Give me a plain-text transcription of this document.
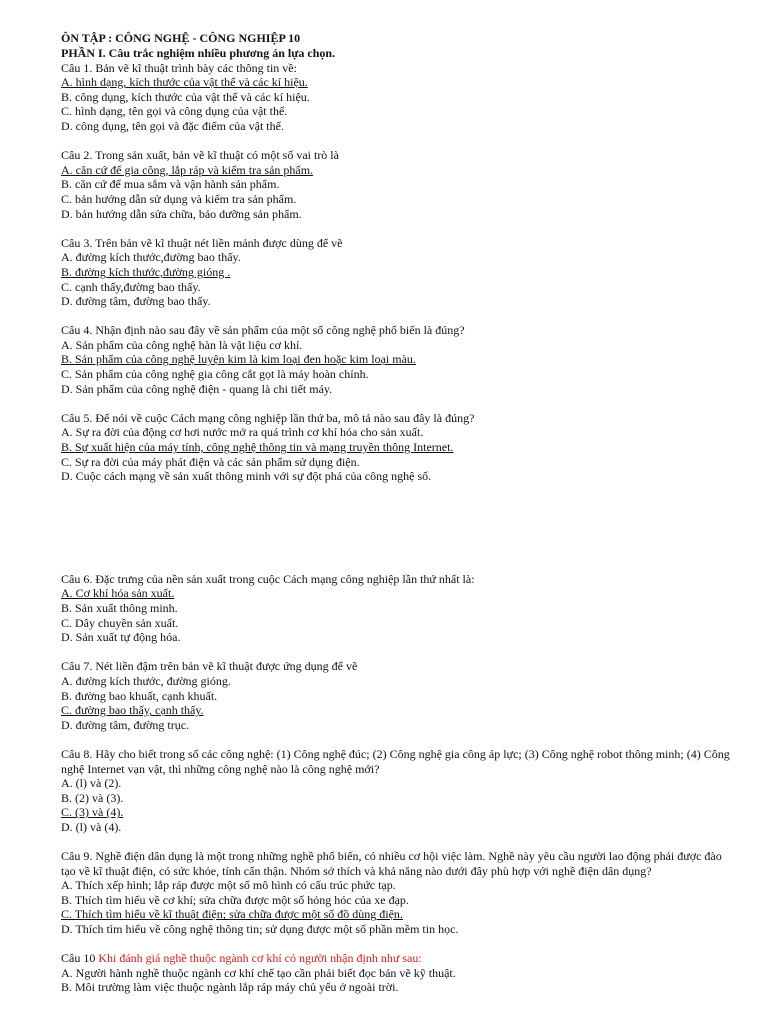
ÔN TẬP : CÔNG NGHỆ - CÔNG NGHIỆP 10
PHẦN I. Câu trắc nghiệm nhiều phương án lựa chọn.
Câu 1. Bản vẽ kĩ thuật trình bày các thông tin về:
A. hình dạng, kích thước của vật thể và các kí hiệu.
B. công dụng, kích thước của vật thể và các kí hiệu.
C. hình dạng, tên gọi và công dụng của vật thể.
D. công dụng, tên gọi và đặc điểm của vật thể.
Câu 2. Trong sản xuất, bản vẽ kĩ thuật có một số vai trò là
A. căn cứ để gia công, lắp ráp và kiểm tra sản phẩm.
B. căn cứ để mua sắm và vận hành sản phẩm.
C. bản hướng dẫn sử dụng và kiểm tra sản phẩm.
D. bản hướng dẫn sửa chữa, bảo dưỡng sản phẩm.
Câu 3. Trên bản vẽ kĩ thuật nét liền mảnh được dùng để vẽ
A. đường kích thước,đường bao thấy.
B. đường kích thước,đường gióng .
C. cạnh thấy,đường bao thấy.
D. đường tâm, đường bao thấy.
Câu 4. Nhận định nào sau đây về sản phẩm của một số công nghệ phổ biến là đúng?
A. Sản phẩm của công nghệ hàn là vật liệu cơ khí.
B. Sản phẩm của công nghệ luyện kim là kim loại đen hoặc kim loại màu.
C. Sản phẩm của công nghệ gia công cắt gọt là máy hoàn chỉnh.
D. Sản phẩm của công nghệ điện - quang là chi tiết máy.
Câu 5. Để nói về cuộc Cách mạng công nghiệp lần thứ ba, mô tả nào sau đây là đúng?
A. Sự ra đời của động cơ hơi nước mở ra quá trình cơ khí hóa cho sản xuất.
B. Sự xuất hiện của máy tính, công nghệ thông tin và mạng truyền thông Internet.
C. Sự ra đời của máy phát điện và các sản phẩm sử dụng điện.
D. Cuộc cách mạng về sản xuất thông minh với sự đột phá của công nghệ số.
Câu 6. Đặc trưng của nền sản xuất trong cuộc Cách mạng công nghiệp lần thứ nhất là:
A. Cơ khí hóa sản xuất.
B. Sản xuất thông minh.
C. Dây chuyền sản xuất.
D. Sản xuất tự động hóa.
Câu 7. Nét liền đậm trên bản vẽ kĩ thuật được ứng dụng để vẽ
A. đường kích thước, đường gióng.
B. đường bao khuất, cạnh khuất.
C. đường bao thấy, cạnh thấy.
D. đường tâm, đường trục.
Câu 8. Hãy cho biết trong số các công nghệ: (1) Công nghệ đúc; (2) Công nghệ gia công áp lực; (3) Công nghệ robot thông minh; (4) Công nghệ Internet vạn vật, thì những công nghệ nào là công nghệ mới?
A. (l) và (2).
B. (2) và (3).
C. (3) và (4).
D. (l) và (4).
Câu 9. Nghề điện dân dụng là một trong những nghề phổ biến, có nhiều cơ hội việc làm. Nghề này yêu cầu người lao động phải được đào tạo về kĩ thuật điện, có sức khỏe, tính cẩn thận. Nhóm sở thích và khả năng nào dưới đây phù hợp với nghề điện dân dụng?
A. Thích xếp hình; lắp ráp được một số mô hình có cấu trúc phức tạp.
B. Thích tìm hiểu về cơ khí; sửa chữa được một số hỏng hóc của xe đạp.
C. Thích tìm hiểu về kĩ thuật điện; sửa chữa được một số đồ dùng điện.
D. Thích tìm hiểu về công nghệ thông tin; sử dụng được một số phần mềm tin học.
Câu 10 Khi đánh giá nghề thuộc ngành cơ khí có người nhận định như sau:
A. Người hành nghề thuộc ngành cơ khí chế tạo cần phải biết đọc bản vẽ kỹ thuật.
B. Môi trường làm việc thuộc ngành lắp ráp máy chủ yếu ở ngoài trời.
